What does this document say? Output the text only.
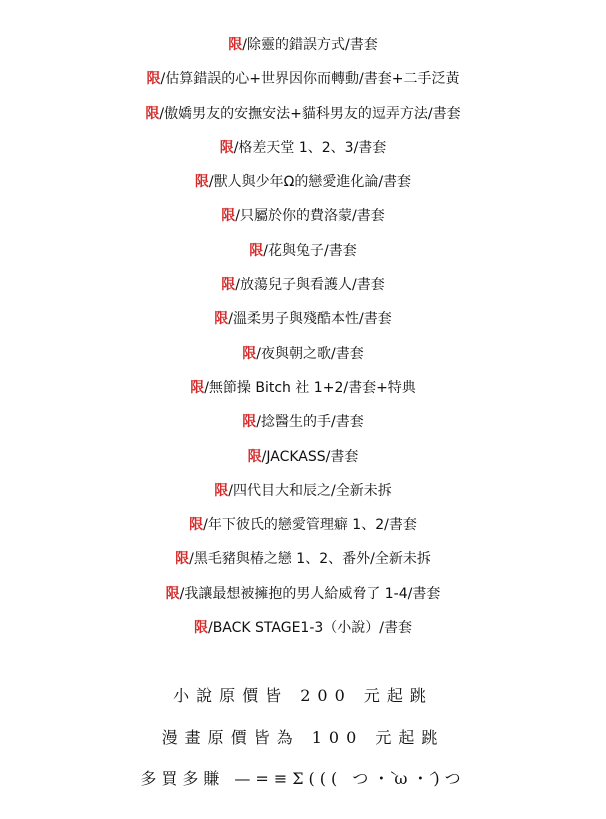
限/除靈的錯誤方式/書套
限/估算錯誤的心+世界因你而轉動/書套+二手泛黃
限/傲嬌男友的安撫安法+貓科男友的逗弄方法/書套
限/格差天堂 1、2、3/書套
限/獸人與少年Ω的戀愛進化論/書套
限/只屬於你的費洛蒙/書套
限/花與兔子/書套
限/放蕩兒子與看護人/書套
限/溫柔男子與殘酷本性/書套
限/夜與朝之歌/書套
限/無節操 Bitch 社 1+2/書套+特典
限/捻醫生的手/書套
限/JACKASS/書套
限/四代目大和辰之/全新未拆
限/年下彼氏的戀愛管理癖 1、2/書套
限/黑毛豬與椿之戀 1、2、番外/全新未拆
限/我讓最想被擁抱的男人給威脅了 1-4/書套
限/BACK STAGE1-3（小說）/書套
小說原價皆 200 元起跳
漫畫原價皆為 100 元起跳
多買多賺 —=≡Σ((( つ・̀ω・́)つ
